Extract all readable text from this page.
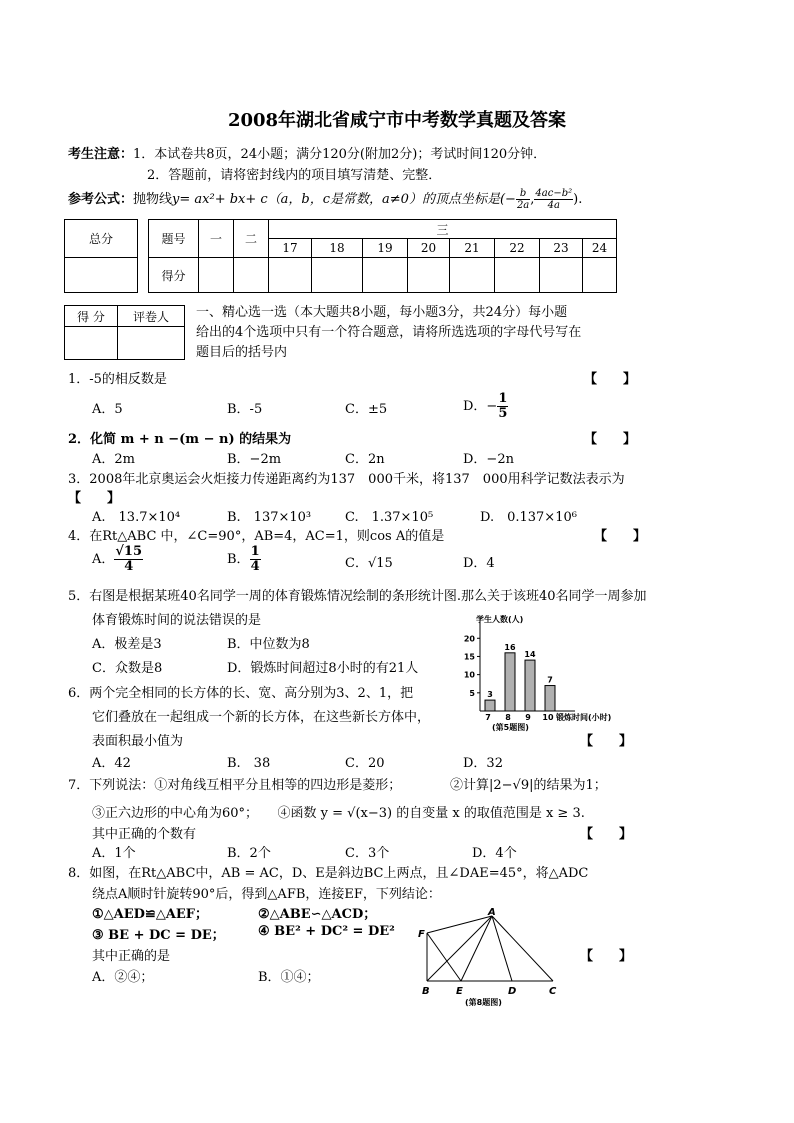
2008年湖北省咸宁市中考数学真题及答案
考生注意：1．本试卷共8页，24小题；满分120分(附加2分)；考试时间120分钟．
2．答题前，请将密封线内的项目填写清楚、完整．
参考公式：抛物线y= ax²+ bx+ c（a，b，c是常数，a≠0）的顶点坐标是(− $\frac{b}{2a}$ , $\frac{\text{4ac−b²}}{4a}$ ).
总分		题号	一	二	三							
					17	18	19	20	21	22	23	24
		得分										
得 分	评卷人
	一、精心选一选（本大题共8小题，每小题3分，共24分）每小题
给出的4个选项中只有一个符合题意，请将所选选项的字母代号写在
题目后的括号内
1．-5的相反数是	【　　】
A．5	B．-5	C．±5	D．− $\frac{1}{5}$
2．化简 m + n −(m − n) 的结果为	【　　】
A．2m	B．−2m	C．2n	D．−2n
3．2008年北京奥运会火炬接力传递距离约为137　000千米，将137　000用科学记数法表示为
【　　】
A.　13.7×10⁴	B.　137×10³	C.　1.37×10⁵	D.　0.137×10⁶
4．在Rt△ABC 中，∠C=90°，AB=4，AC=1，则cos A的值是	【　　】
A． $\frac{√15}{4}$	B． $\frac{1}{4}$	C．√15	D．4
5．右图是根据某班40名同学一周的体育锻炼情况绘制的条形统计图.那么关于该班40名同学一周参加
体育锻炼时间的说法错误的是
A．极差是3	B．中位数为8
C．众数是8	D．锻炼时间超过8小时的有21人
5
10
15
20
3
7
16
8
14
9
7
10
学生人数(人)
锻炼时间(小时)
(第5题图)
6．两个完全相同的长方体的长、宽、高分别为3、2、1，把
它们叠放在一起组成一个新的长方体，在这些新长方体中，
表面积最小值为	【　　】
A．42	B.　38	C．20	D．32
7．下列说法：①对角线互相平分且相等的四边形是菱形；	②计算|2−√9|的结果为1；
③正六边形的中心角为60°；　　④函数 y = √(x−3) 的自变量 x 的取值范围是 x ≥ 3.
其中正确的个数有	【　　】
A．1个	B．2个	C．3个	D．4个
8．如图，在Rt△ABC中，AB = AC，D、E是斜边BC上两点，且∠DAE=45°，将△ADC
绕点A顺时针旋转90°后，得到△AFB，连接EF，下列结论：
①△AED≌△AEF；	②△ABE∽△ACD；
③ BE + DC = DE；	④ BE² + DC² = DE²
其中正确的是	【　　】
A．②④；	B．①④；
A
F
B	E	D	C
(第8题图)
